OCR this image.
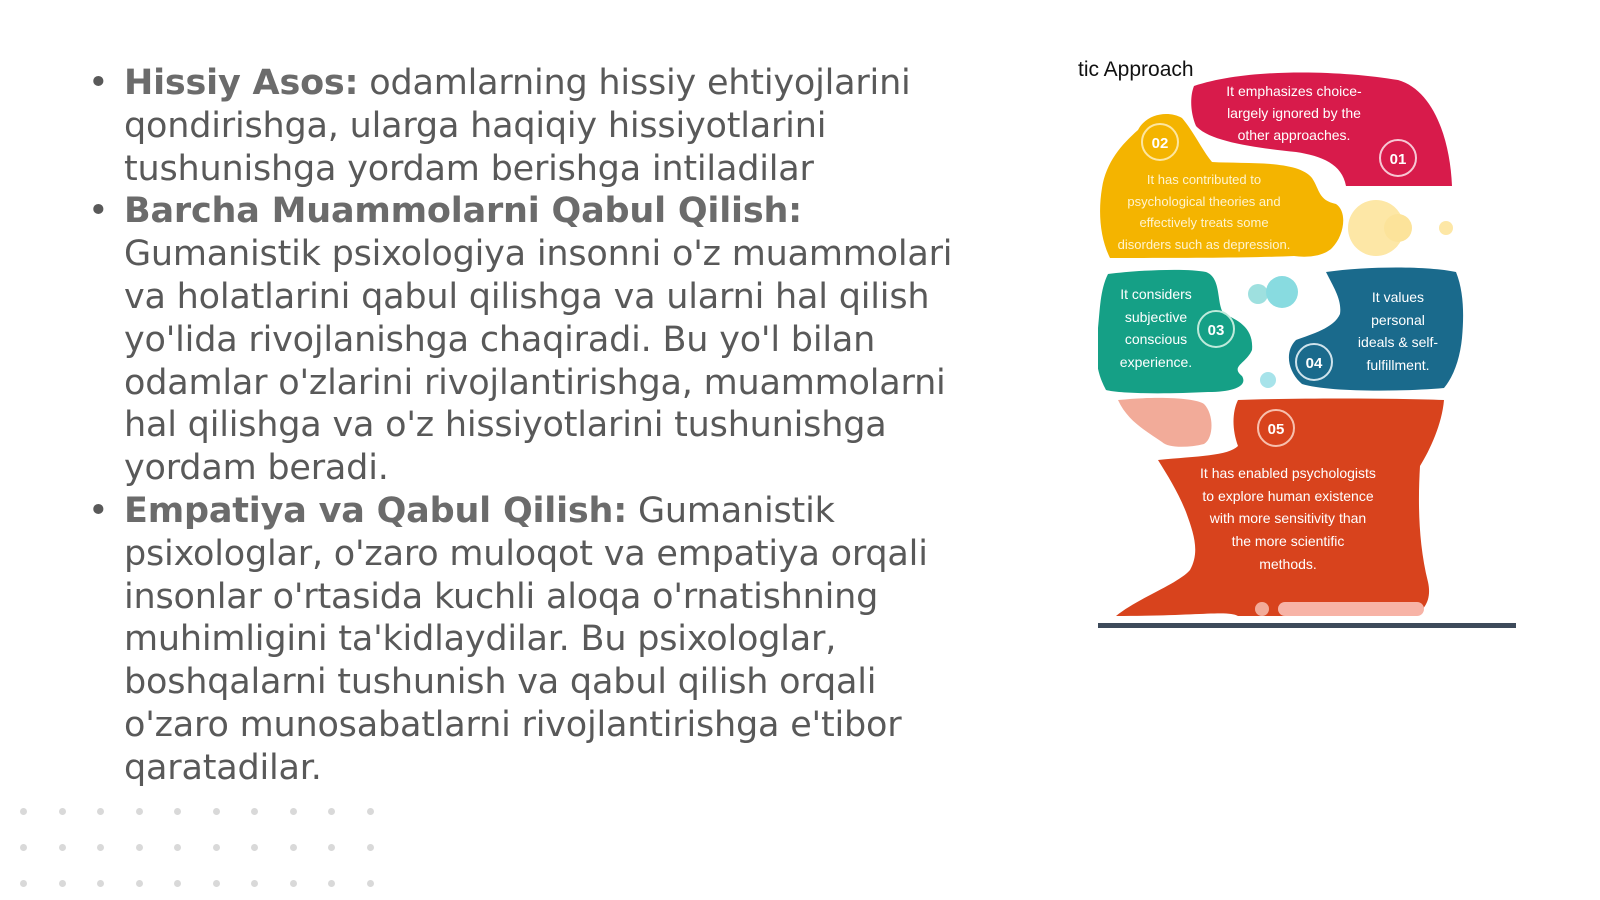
• Hissiy Asos: odamlarning hissiy ehtiyojlarini qondirishga, ularga haqiqiy hissiyotlarini tushunishga yordam berishga intiladilar
• Barcha Muammolarni Qabul Qilish: Gumanistik psixologiya insonni o'z muammolari va holatlarini qabul qilishga va ularni hal qilish yo'lida rivojlanishga chaqiradi. Bu yo'l bilan odamlar o'zlarini rivojlantirishga, muammolarni hal qilishga va o'z hissiyotlarini tushunishga yordam beradi.
• Empatiya va Qabul Qilish: Gumanistik psixologlar, o'zaro muloqot va empatiya orqali insonlar o'rtasida kuchli aloqa o'rnatishning muhimligini ta'kidlaydilar. Bu psixologlar, boshqalarni tushunish va qabul qilish orqali o'zaro munosabatlarni rivojlantirishga e'tibor qaratadilar.
01
02
03
04
05
It emphasizes choice-
largely ignored by the
other approaches.
It has contributed to
psychological theories and
effectively treats some
disorders such as depression.
It considers
subjective
conscious
experience.
It values
personal
ideals & self-
fulfillment.
It has enabled psychologists
to explore human existence
with more sensitivity than
the more scientific
methods.
tic Approach
